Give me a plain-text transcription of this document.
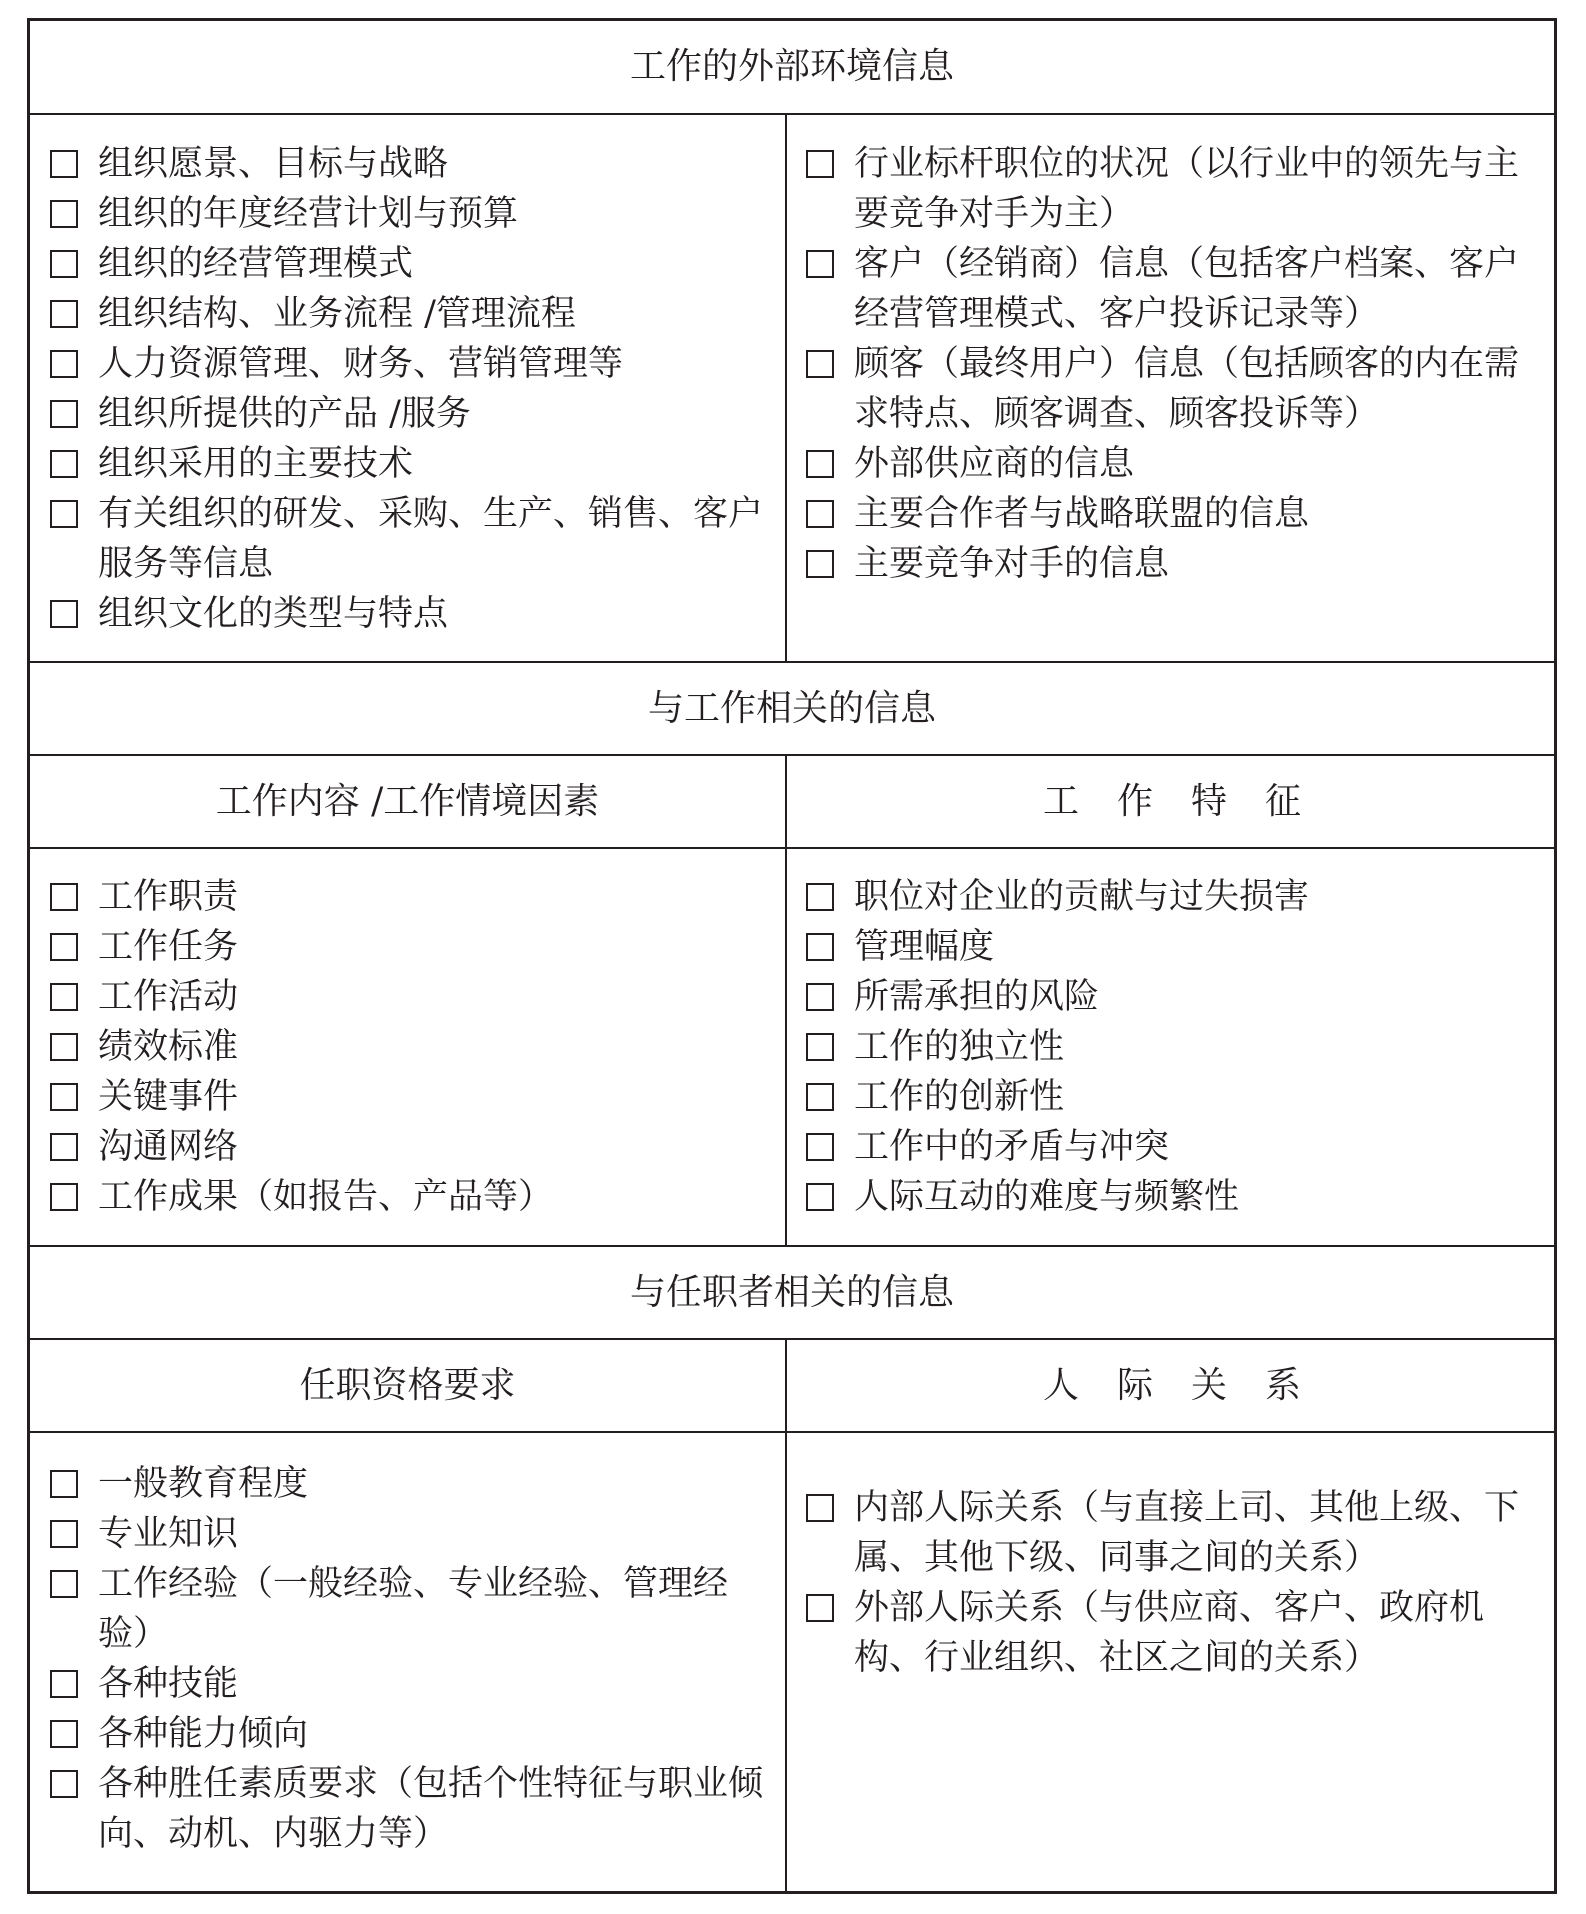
工作的外部环境信息
组织愿景、目标与战略
组织的年度经营计划与预算
组织的经营管理模式
组织结构、业务流程 /管理流程
人力资源管理、财务、营销管理等
组织所提供的产品 /服务
组织采用的主要技术
有关组织的研发、采购、生产、销售、客户服务等信息
组织文化的类型与特点
行业标杆职位的状况（以行业中的领先与主要竞争对手为主）
客户（经销商）信息（包括客户档案、客户经营管理模式、客户投诉记录等）
顾客（最终用户）信息（包括顾客的内在需求特点、顾客调查、顾客投诉等）
外部供应商的信息
主要合作者与战略联盟的信息
主要竞争对手的信息
与工作相关的信息
工作内容 /工作情境因素	工作特征
工作职责
工作任务
工作活动
绩效标准
关键事件
沟通网络
工作成果（如报告、产品等）
职位对企业的贡献与过失损害
管理幅度
所需承担的风险
工作的独立性
工作的创新性
工作中的矛盾与冲突
人际互动的难度与频繁性
与任职者相关的信息
任职资格要求	人际关系
一般教育程度
专业知识
工作经验（一般经验、专业经验、管理经验）
各种技能
各种能力倾向
各种胜任素质要求（包括个性特征与职业倾向、动机、内驱力等）
内部人际关系（与直接上司、其他上级、下属、其他下级、同事之间的关系）
外部人际关系（与供应商、客户、政府机构、行业组织、社区之间的关系）
